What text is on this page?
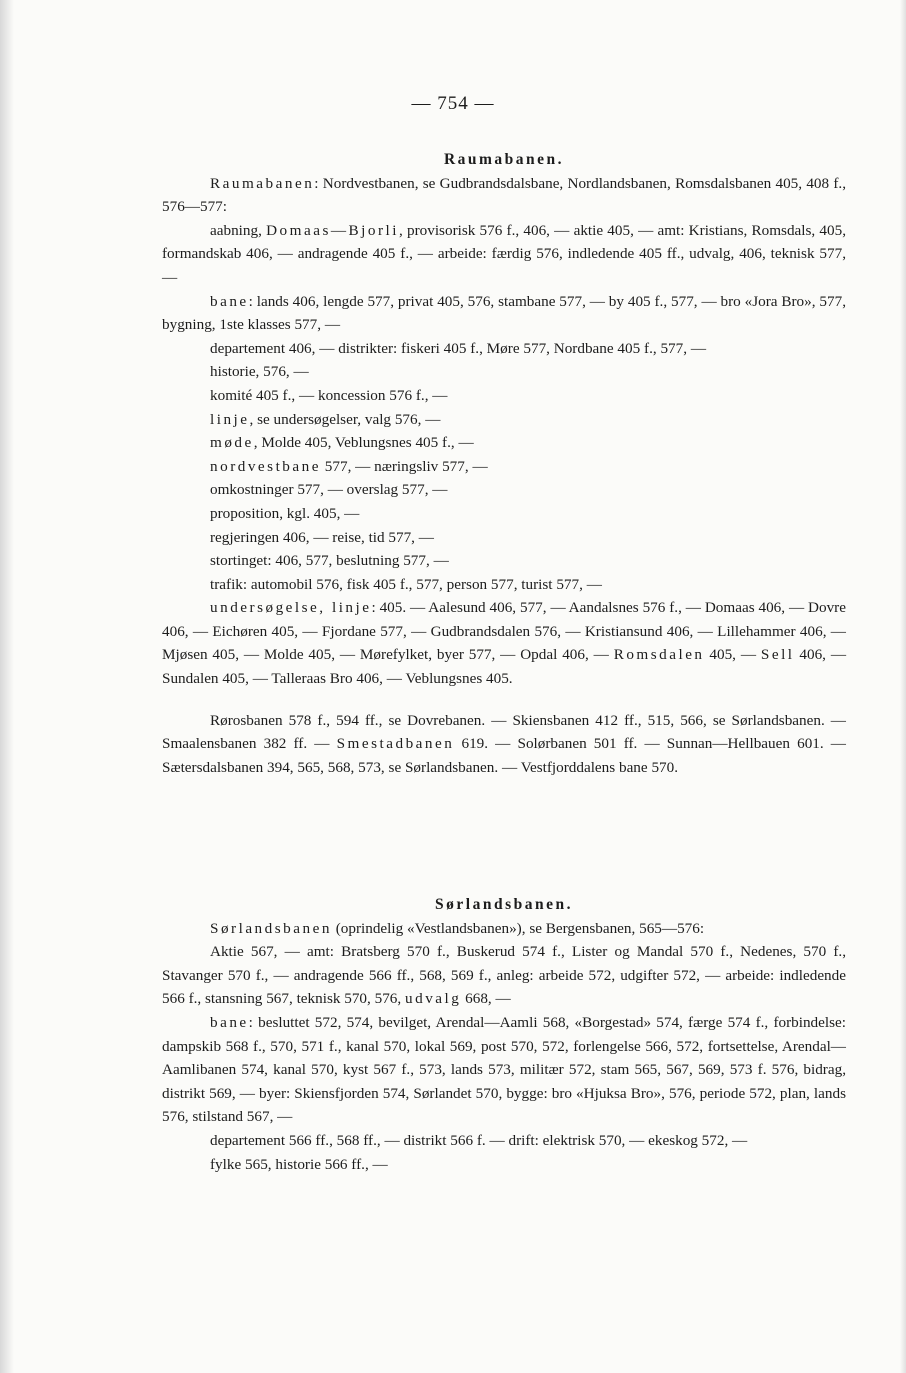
— 754 —

Raumabanen.

Raumabanen: Nordvestbanen, se Gudbrandsdalsbane, Nordlandsbanen, Romsdalsbanen 405, 408 f., 576—577:

aabning, Domaas—Bjorli, provisorisk 576 f., 406, — aktie 405, — amt: Kristians, Romsdals, 405, formandskab 406, — andragende 405 f., — arbeide: færdig 576, indledende 405 ff., udvalg, 406, teknisk 577, —

bane: lands 406, lengde 577, privat 405, 576, stambane 577, — by 405 f., 577, — bro «Jora Bro», 577, bygning, 1ste klasses 577, —

departement 406, — distrikter: fiskeri 405 f., Møre 577, Nordbane 405 f., 577, —

historie, 576, —

komité 405 f., — koncession 576 f., —

linje, se undersøgelser, valg 576, —

møde, Molde 405, Veblungsnes 405 f., —

nordvestbane 577, — næringsliv 577, —

omkostninger 577, — overslag 577, —

proposition, kgl. 405, —

regjeringen 406, — reise, tid 577, —

stortinget: 406, 577, beslutning 577, —

trafik: automobil 576, fisk 405 f., 577, person 577, turist 577, —

undersøgelse, linje: 405. — Aalesund 406, 577, — Aandalsnes 576 f., — Domaas 406, — Dovre 406, — Eichøren 405, — Fjordane 577, — Gudbrandsdalen 576, — Kristiansund 406, — Lillehammer 406, — Mjøsen 405, — Molde 405, — Mørefylket, byer 577, — Opdal 406, — Romsdalen 405, — Sell 406, — Sundalen 405, — Talleraas Bro 406, — Veblungsnes 405.

Rørosbanen 578 f., 594 ff., se Dovrebanen. — Skiensbanen 412 ff., 515, 566, se Sørlandsbanen. — Smaalensbanen 382 ff. — Smestadbanen 619. — Solørbanen 501 ff. — Sunnan—Hellbauen 601. — Sætersdalsbanen 394, 565, 568, 573, se Sørlandsbanen. — Vestfjorddalens bane 570.

Sørlandsbanen.

Sørlandsbanen (oprindelig «Vestlandsbanen»), se Bergensbanen, 565—576:

Aktie 567, — amt: Bratsberg 570 f., Buskerud 574 f., Lister og Mandal 570 f., Nedenes, 570 f., Stavanger 570 f., — andragende 566 ff., 568, 569 f., anleg: arbeide 572, udgifter 572, — arbeide: indledende 566 f., stansning 567, teknisk 570, 576, udvalg 668, —

bane: besluttet 572, 574, bevilget, Arendal—Aamli 568, «Borgestad» 574, færge 574 f., forbindelse: dampskib 568 f., 570, 571 f., kanal 570, lokal 569, post 570, 572, forlengelse 566, 572, fortsettelse, Arendal—Aamlibanen 574, kanal 570, kyst 567 f., 573, lands 573, militær 572, stam 565, 567, 569, 573 f. 576, bidrag, distrikt 569, — byer: Skiensfjorden 574, Sørlandet 570, bygge: bro «Hjuksa Bro», 576, periode 572, plan, lands 576, stilstand 567, —

departement 566 ff., 568 ff., — distrikt 566 f. — drift: elektrisk 570, — ekeskog 572, —

fylke 565, historie 566 ff., —
